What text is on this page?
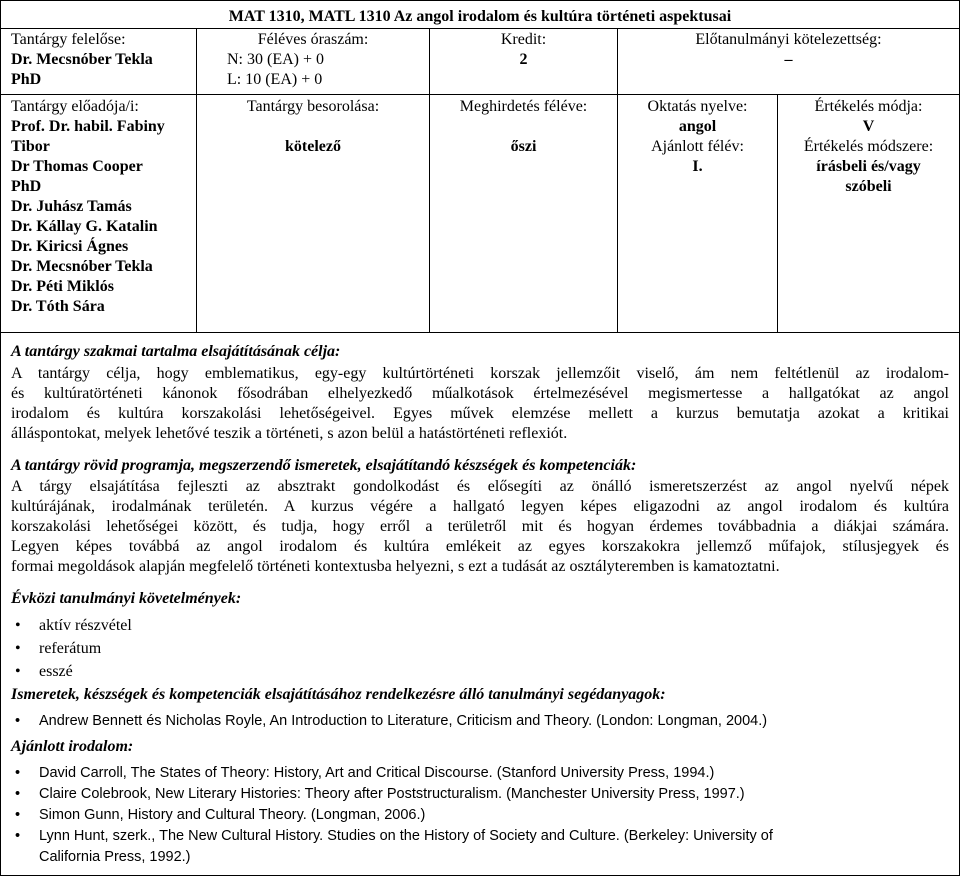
MAT 1310, MATL 1310 Az angol irodalom és kultúra történeti aspektusai
Tantárgy felelőse:
Dr. Mecsnóber Tekla
PhD
Féléves óraszám:
N: 30 (EA) + 0
L: 10 (EA) + 0
Kredit:
2
Előtanulmányi kötelezettség:
–
Tantárgy előadója/i:
Prof. Dr. habil. Fabiny
Tibor
Dr Thomas Cooper
PhD
Dr. Juhász Tamás
Dr. Kállay G. Katalin
Dr. Kiricsi Ágnes
Dr. Mecsnóber Tekla
Dr. Péti Miklós
Dr. Tóth Sára
Tantárgy besorolása:
kötelező
Meghirdetés féléve:
őszi
Oktatás nyelve:
angol
Ajánlott félév:
I.
Értékelés módja:
V
Értékelés módszere:
írásbeli és/vagy
szóbeli
A tantárgy szakmai tartalma elsajátításának célja:
A tantárgy célja, hogy emblematikus, egy-egy kultúrtörténeti korszak jellemzőit viselő, ám nem feltétlenül az irodalom-
és kultúratörténeti kánonok fősodrában elhelyezkedő műalkotások értelmezésével megismertesse a hallgatókat az angol
irodalom és kultúra korszakolási lehetőségeivel. Egyes művek elemzése mellett a kurzus bemutatja azokat a kritikai
álláspontokat, melyek lehetővé teszik a történeti, s azon belül a hatástörténeti reflexiót.
A tantárgy rövid programja, megszerzendő ismeretek, elsajátítandó készségek és kompetenciák:
A tárgy elsajátítása fejleszti az absztrakt gondolkodást és elősegíti az önálló ismeretszerzést az angol nyelvű népek
kultúrájának, irodalmának területén. A kurzus végére a hallgató legyen képes eligazodni az angol irodalom és kultúra
korszakolási lehetőségei között, és tudja, hogy erről a területről mit és hogyan érdemes továbbadnia a diákjai számára.
Legyen képes továbbá az angol irodalom és kultúra emlékeit az egyes korszakokra jellemző műfajok, stílusjegyek és
formai megoldások alapján megfelelő történeti kontextusba helyezni, s ezt a tudását az osztályteremben is kamatoztatni.
Évközi tanulmányi követelmények:
• aktív részvétel
• referátum
• esszé
Ismeretek, készségek és kompetenciák elsajátításához rendelkezésre álló tanulmányi segédanyagok:
• Andrew Bennett és Nicholas Royle, An Introduction to Literature, Criticism and Theory. (London: Longman, 2004.)
Ajánlott irodalom:
• David Carroll, The States of Theory: History, Art and Critical Discourse. (Stanford University Press, 1994.)
• Claire Colebrook, New Literary Histories: Theory after Poststructuralism. (Manchester University Press, 1997.)
• Simon Gunn, History and Cultural Theory. (Longman, 2006.)
• Lynn Hunt, szerk., The New Cultural History. Studies on the History of Society and Culture. (Berkeley: University of
California Press, 1992.)
